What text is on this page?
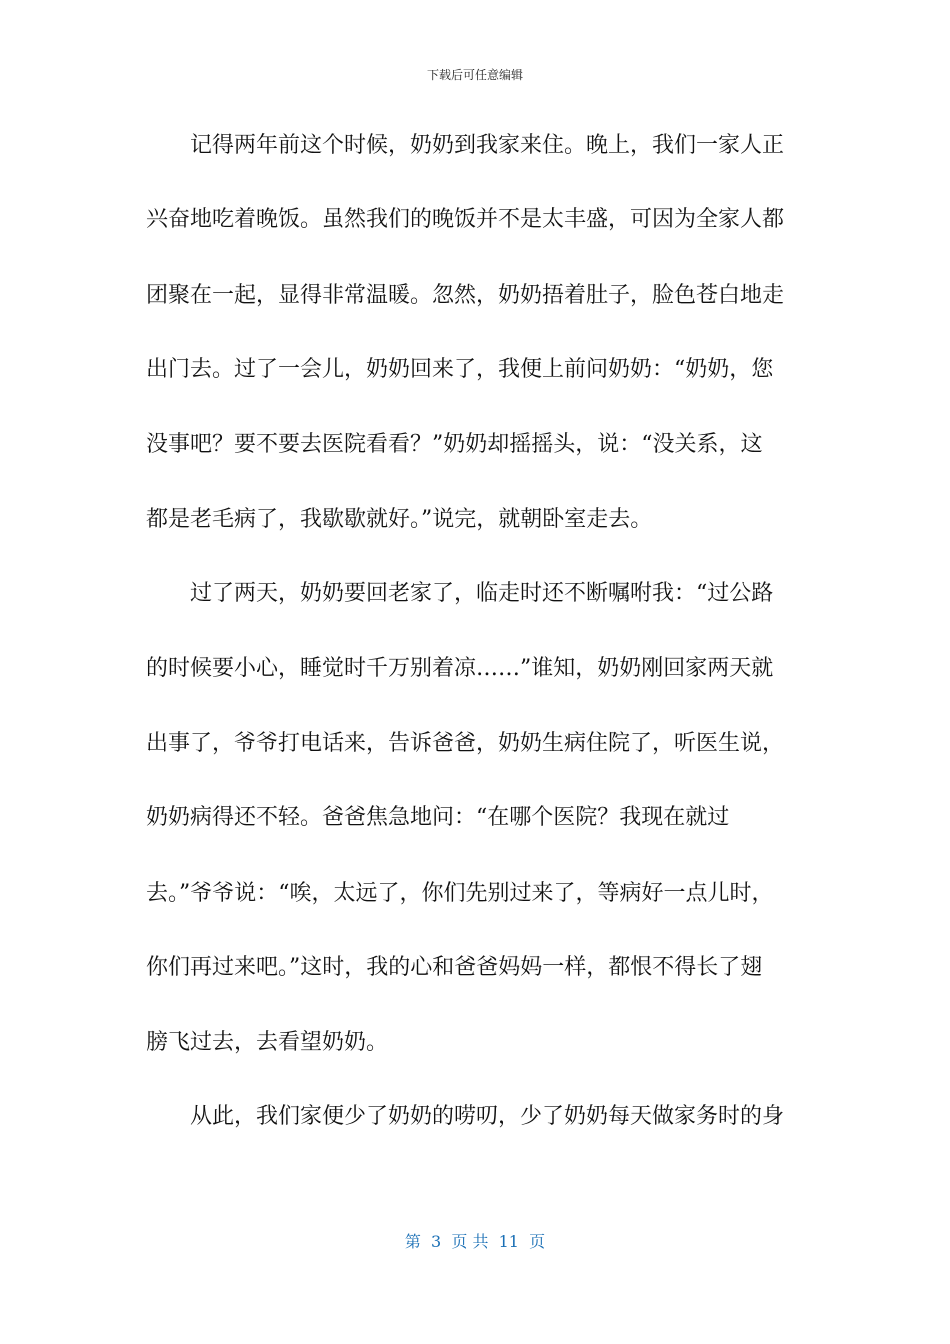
下载后可任意编辑
　　记得两年前这个时候，奶奶到我家来住。晚上，我们一家人正
兴奋地吃着晚饭。虽然我们的晚饭并不是太丰盛，可因为全家人都
团聚在一起，显得非常温暖。忽然，奶奶捂着肚子，脸色苍白地走
出门去。过了一会儿，奶奶回来了，我便上前问奶奶：“奶奶，您
没事吧？要不要去医院看看？”奶奶却摇摇头，说：“没关系，这
都是老毛病了，我歇歇就好。”说完，就朝卧室走去。
　　过了两天，奶奶要回老家了，临走时还不断嘱咐我：“过公路
的时候要小心，睡觉时千万别着凉……”谁知，奶奶刚回家两天就
出事了，爷爷打电话来，告诉爸爸，奶奶生病住院了，听医生说，
奶奶病得还不轻。爸爸焦急地问：“在哪个医院？我现在就过
去。”爷爷说：“唉，太远了，你们先别过来了，等病好一点儿时，
你们再过来吧。”这时，我的心和爸爸妈妈一样，都恨不得长了翅
膀飞过去，去看望奶奶。
　　从此，我们家便少了奶奶的唠叨，少了奶奶每天做家务时的身
第  3  页 共  11  页
